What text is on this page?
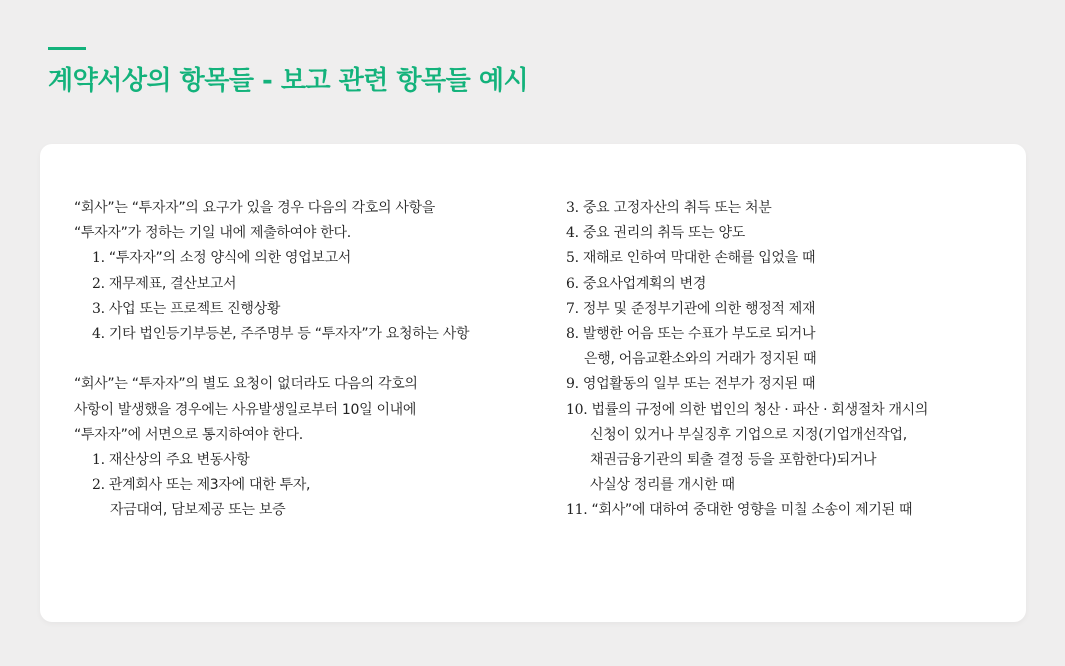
계약서상의 항목들 - 보고 관련 항목들 예시
“회사”는 “투자자”의 요구가 있을 경우 다음의 각호의 사항을
“투자자”가 정하는 기일 내에 제출하여야 한다.
1. “투자자”의 소정 양식에 의한 영업보고서
2. 재무제표, 결산보고서
3. 사업 또는 프로젝트 진행상황
4. 기타 법인등기부등본, 주주명부 등 “투자자”가 요청하는 사항
“회사”는 “투자자”의 별도 요청이 없더라도 다음의 각호의
사항이 발생했을 경우에는 사유발생일로부터 10일 이내에
“투자자”에 서면으로 통지하여야 한다.
1. 재산상의 주요 변동사항
2. 관계회사 또는 제3자에 대한 투자,
자금대여, 담보제공 또는 보증
3. 중요 고정자산의 취득 또는 처분
4. 중요 권리의 취득 또는 양도
5. 재해로 인하여 막대한 손해를 입었을 때
6. 중요사업계획의 변경
7. 정부 및 준정부기관에 의한 행정적 제재
8. 발행한 어음 또는 수표가 부도로 되거나
은행, 어음교환소와의 거래가 정지된 때
9. 영업활동의 일부 또는 전부가 정지된 때
10. 법률의 규정에 의한 법인의 청산 · 파산 · 회생절차 개시의
신청이 있거나 부실징후 기업으로 지정(기업개선작업,
채권금융기관의 퇴출 결정 등을 포함한다)되거나
사실상 정리를 개시한 때
11. “회사”에 대하여 중대한 영향을 미칠 소송이 제기된 때
